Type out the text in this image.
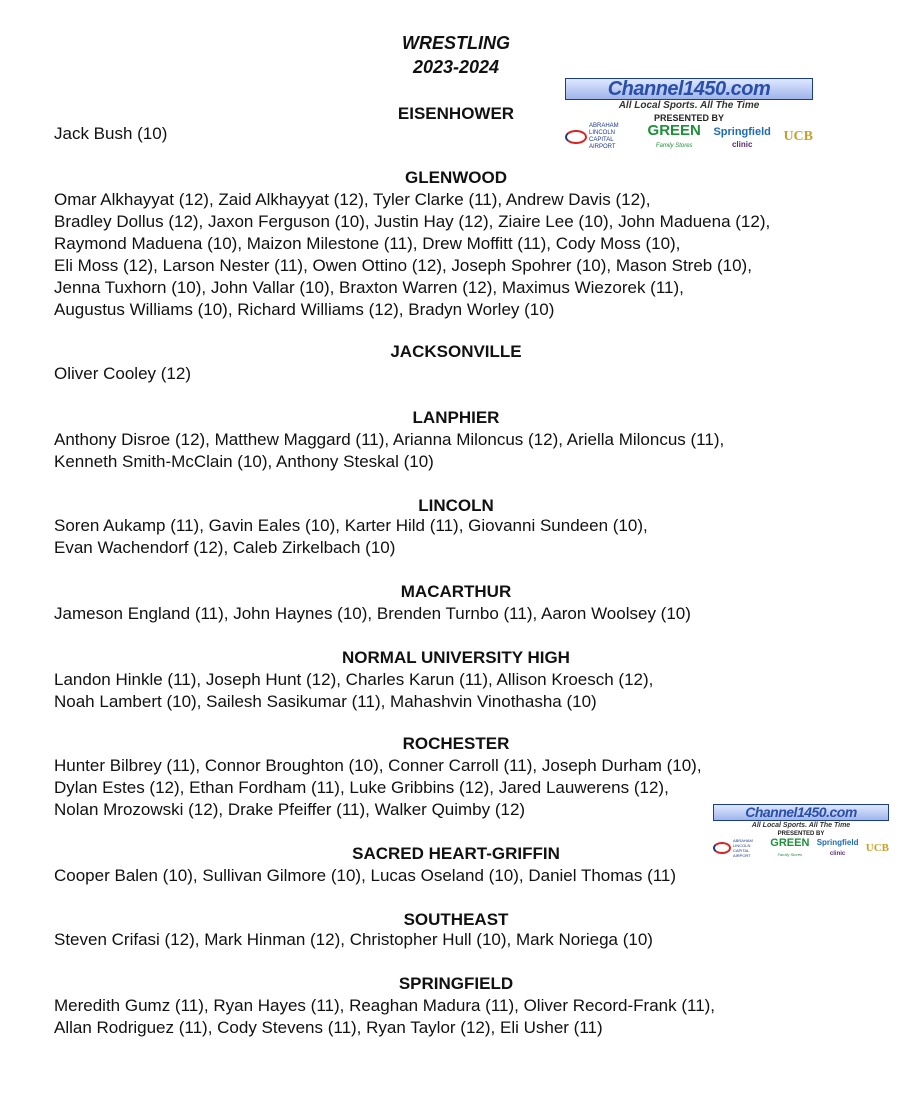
WRESTLING
2023-2024
Channel1450.com
All Local Sports. All The Time
PRESENTED BY
ABRAHAM LINCOLN CAPITAL AIRPORT
GREEN
Family Stores
Springfield
clinic	UCB
Channel1450.com
All Local Sports. All The Time
PRESENTED BY
ABRAHAM LINCOLN CAPITAL AIRPORT
GREEN
Family Stores
Springfield
clinic	UCB
EISENHOWER
Jack Bush (10)
GLENWOOD
Omar Alkhayyat (12), Zaid Alkhayyat (12), Tyler Clarke (11), Andrew Davis (12),
Bradley Dollus (12), Jaxon Ferguson (10), Justin Hay (12), Ziaire Lee (10), John Maduena (12),
Raymond Maduena (10), Maizon Milestone (11), Drew Moffitt (11), Cody Moss (10),
Eli Moss (12), Larson Nester (11), Owen Ottino (12), Joseph Spohrer (10), Mason Streb (10),
Jenna Tuxhorn (10), John Vallar (10), Braxton Warren (12), Maximus Wiezorek (11),
Augustus Williams (10), Richard Williams (12), Bradyn Worley (10)
JACKSONVILLE
Oliver Cooley (12)
LANPHIER
Anthony Disroe (12), Matthew Maggard (11), Arianna Miloncus (12), Ariella Miloncus (11),
Kenneth Smith-McClain (10), Anthony Steskal (10)
LINCOLN
Soren Aukamp (11), Gavin Eales (10), Karter Hild (11), Giovanni Sundeen (10),
Evan Wachendorf (12), Caleb Zirkelbach (10)
MACARTHUR
Jameson England (11), John Haynes (10), Brenden Turnbo (11), Aaron Woolsey (10)
NORMAL UNIVERSITY HIGH
Landon Hinkle (11), Joseph Hunt (12), Charles Karun (11), Allison Kroesch (12),
Noah Lambert (10), Sailesh Sasikumar (11), Mahashvin Vinothasha (10)
ROCHESTER
Hunter Bilbrey (11), Connor Broughton (10), Conner Carroll (11), Joseph Durham (10),
Dylan Estes (12), Ethan Fordham (11), Luke Gribbins (12), Jared Lauwerens (12),
Nolan Mrozowski (12), Drake Pfeiffer (11), Walker Quimby (12)
SACRED HEART-GRIFFIN
Cooper Balen (10), Sullivan Gilmore (10), Lucas Oseland (10), Daniel Thomas (11)
SOUTHEAST
Steven Crifasi (12), Mark Hinman (12), Christopher Hull (10), Mark Noriega (10)
SPRINGFIELD
Meredith Gumz (11), Ryan Hayes (11), Reaghan Madura (11), Oliver Record-Frank (11),
Allan Rodriguez (11), Cody Stevens (11), Ryan Taylor (12), Eli Usher (11)
